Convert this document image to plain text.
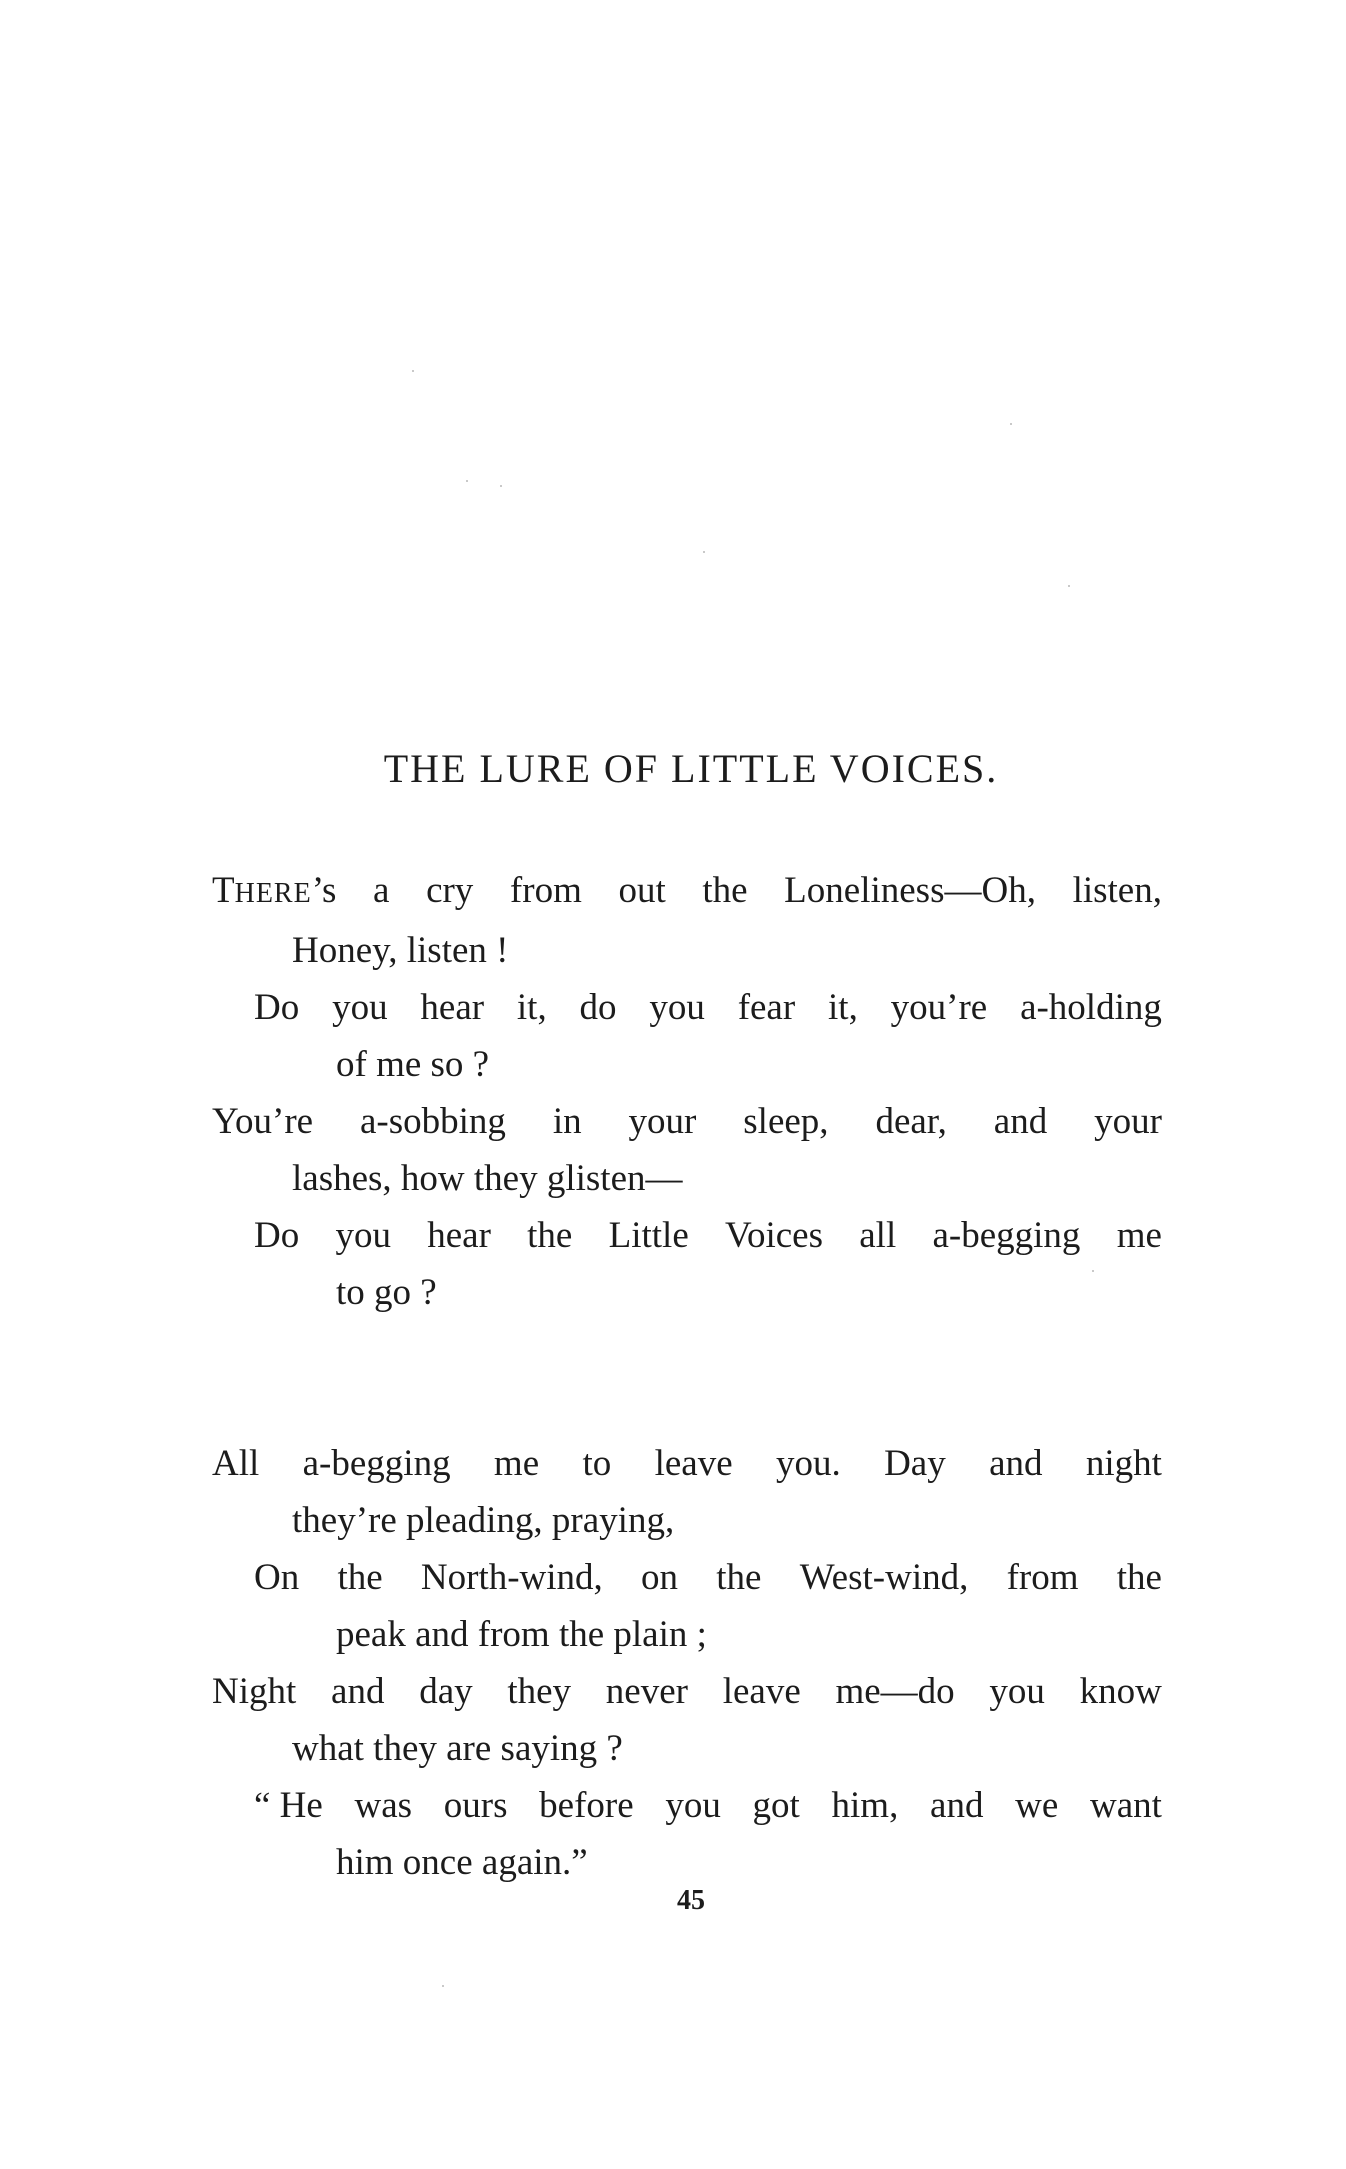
THE LURE OF LITTLE VOICES.
THERE’s a cry from out the Loneliness—Oh, listen,
Honey, listen !
Do you hear it, do you fear it, you’re a-holding
of me so ?
You’re a-sobbing in your sleep, dear, and your
lashes, how they glisten—
Do you hear the Little Voices all a-begging me
to go ?
All a-begging me to leave you. Day and night
they’re pleading, praying,
On the North-wind, on the West-wind, from the
peak and from the plain ;
Night and day they never leave me—do you know
what they are saying ?
“ He was ours before you got him, and we want
him once again.”
45
